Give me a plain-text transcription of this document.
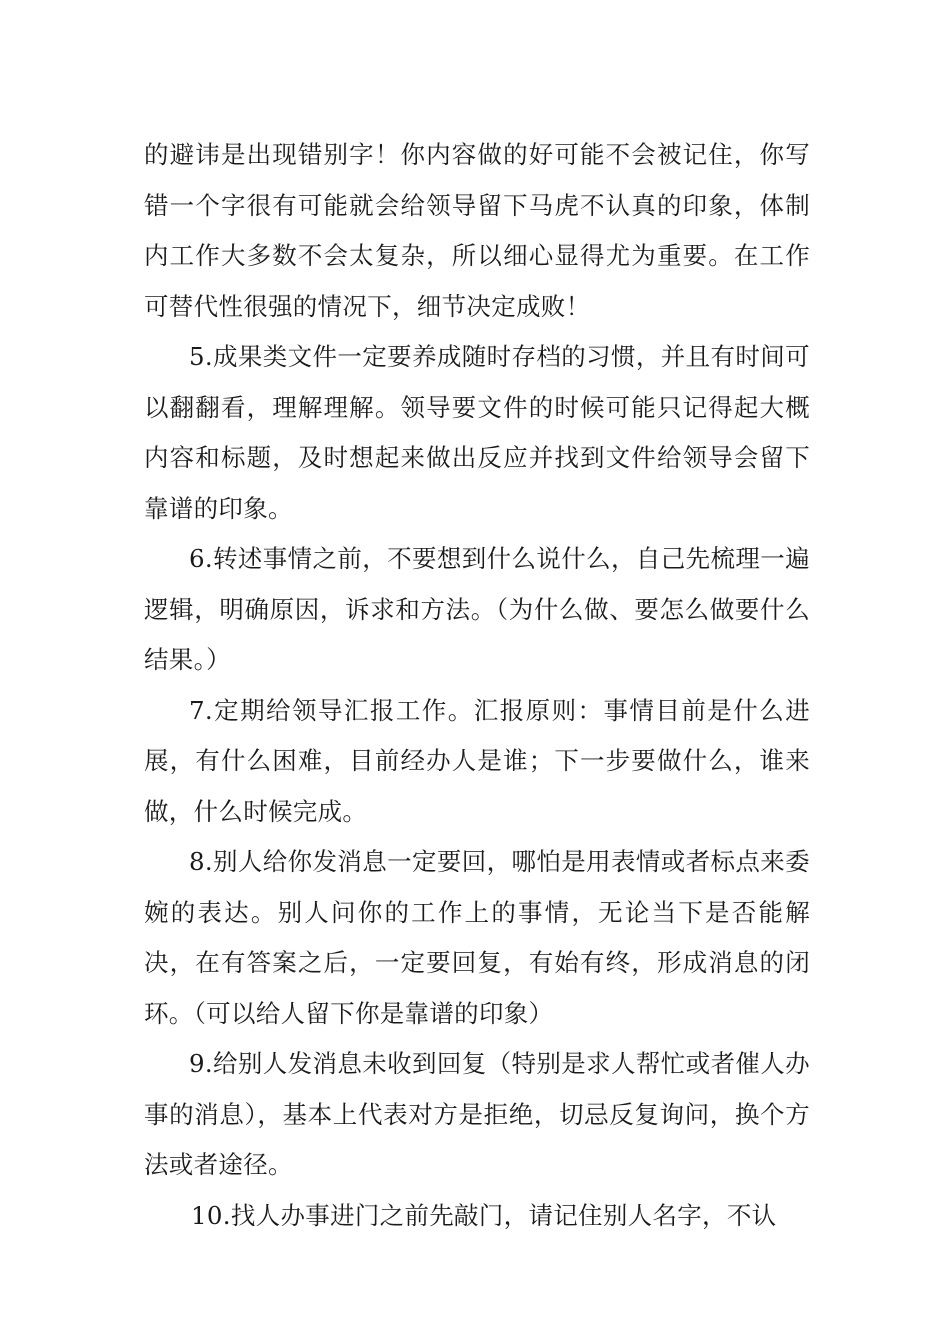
的避讳是出现错别字！你内容做的好可能不会被记住，你写错一个字很有可能就会给领导留下马虎不认真的印象，体制内工作大多数不会太复杂，所以细心显得尤为重要。在工作可替代性很强的情况下，细节决定成败！

5.成果类文件一定要养成随时存档的习惯，并且有时间可以翻翻看，理解理解。领导要文件的时候可能只记得起大概内容和标题，及时想起来做出反应并找到文件给领导会留下靠谱的印象。

6.转述事情之前，不要想到什么说什么，自己先梳理一遍逻辑，明确原因，诉求和方法。（为什么做、要怎么做要什么结果。）

7.定期给领导汇报工作。汇报原则：事情目前是什么进展，有什么困难，目前经办人是谁；下一步要做什么，谁来做，什么时候完成。

8.别人给你发消息一定要回，哪怕是用表情或者标点来委婉的表达。别人问你的工作上的事情，无论当下是否能解决，在有答案之后，一定要回复，有始有终，形成消息的闭环。（可以给人留下你是靠谱的印象）

9.给别人发消息未收到回复（特别是求人帮忙或者催人办事的消息），基本上代表对方是拒绝，切忌反复询问，换个方法或者途径。

10.找人办事进门之前先敲门，请记住别人名字，不认
